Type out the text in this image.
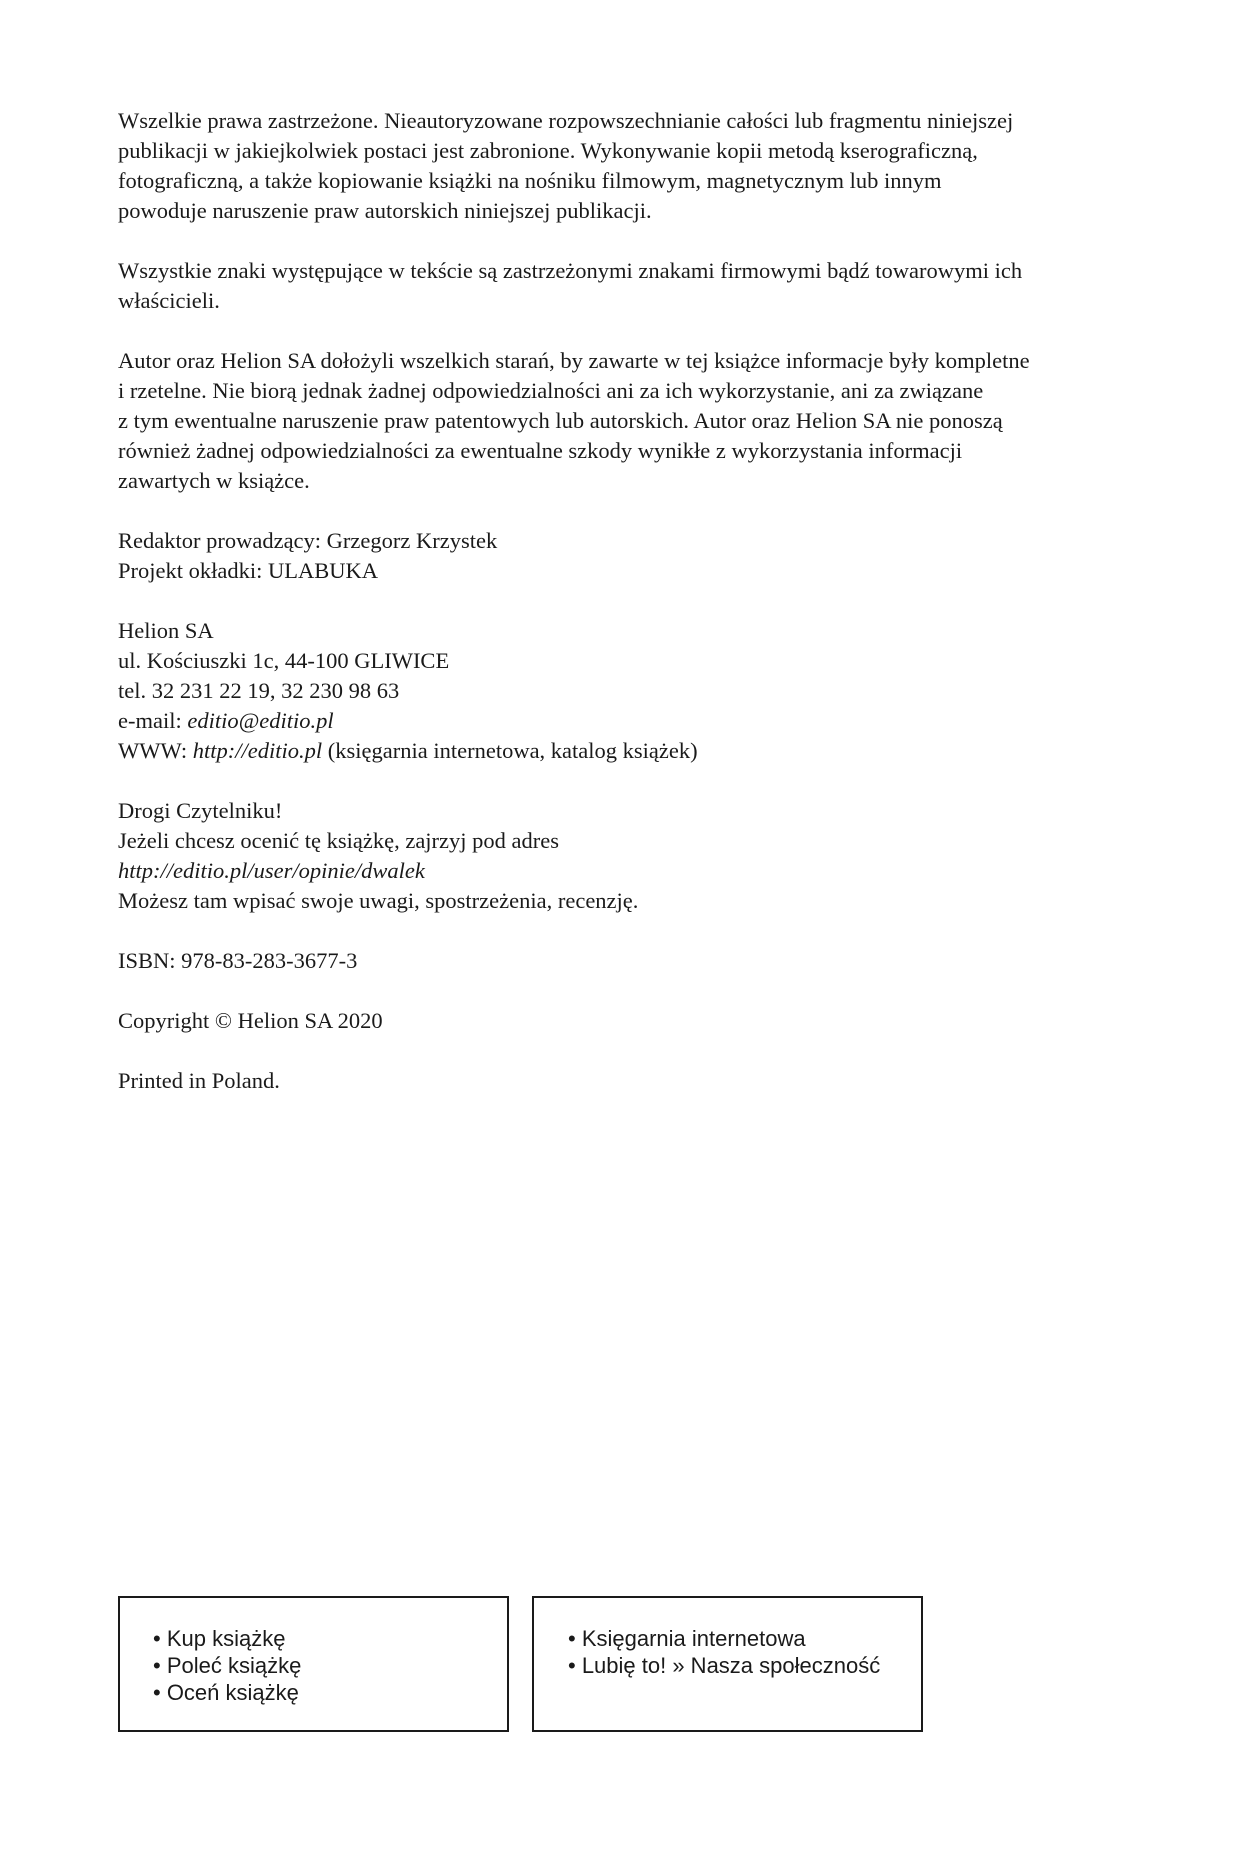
Wszelkie prawa zastrzeżone. Nieautoryzowane rozpowszechnianie całości lub fragmentu niniejszej
publikacji w jakiejkolwiek postaci jest zabronione. Wykonywanie kopii metodą kserograficzną,
fotograficzną, a także kopiowanie książki na nośniku filmowym, magnetycznym lub innym
powoduje naruszenie praw autorskich niniejszej publikacji.

Wszystkie znaki występujące w tekście są zastrzeżonymi znakami firmowymi bądź towarowymi ich
właścicieli.

Autor oraz Helion SA dołożyli wszelkich starań, by zawarte w tej książce informacje były kompletne
i rzetelne. Nie biorą jednak żadnej odpowiedzialności ani za ich wykorzystanie, ani za związane
z tym ewentualne naruszenie praw patentowych lub autorskich. Autor oraz Helion SA nie ponoszą
również żadnej odpowiedzialności za ewentualne szkody wynikłe z wykorzystania informacji
zawartych w książce.

Redaktor prowadzący: Grzegorz Krzystek
Projekt okładki: ULABUKA

Helion SA
ul. Kościuszki 1c, 44-100 GLIWICE
tel. 32 231 22 19, 32 230 98 63
e-mail: editio@editio.pl
WWW: http://editio.pl (księgarnia internetowa, katalog książek)

Drogi Czytelniku!
Jeżeli chcesz ocenić tę książkę, zajrzyj pod adres
http://editio.pl/user/opinie/dwalek
Możesz tam wpisać swoje uwagi, spostrzeżenia, recenzję.

ISBN: 978-83-283-3677-3

Copyright © Helion SA 2020

Printed in Poland.

• Kup książkę
• Poleć książkę
• Oceń książkę
• Księgarnia internetowa
• Lubię to! » Nasza społeczność
